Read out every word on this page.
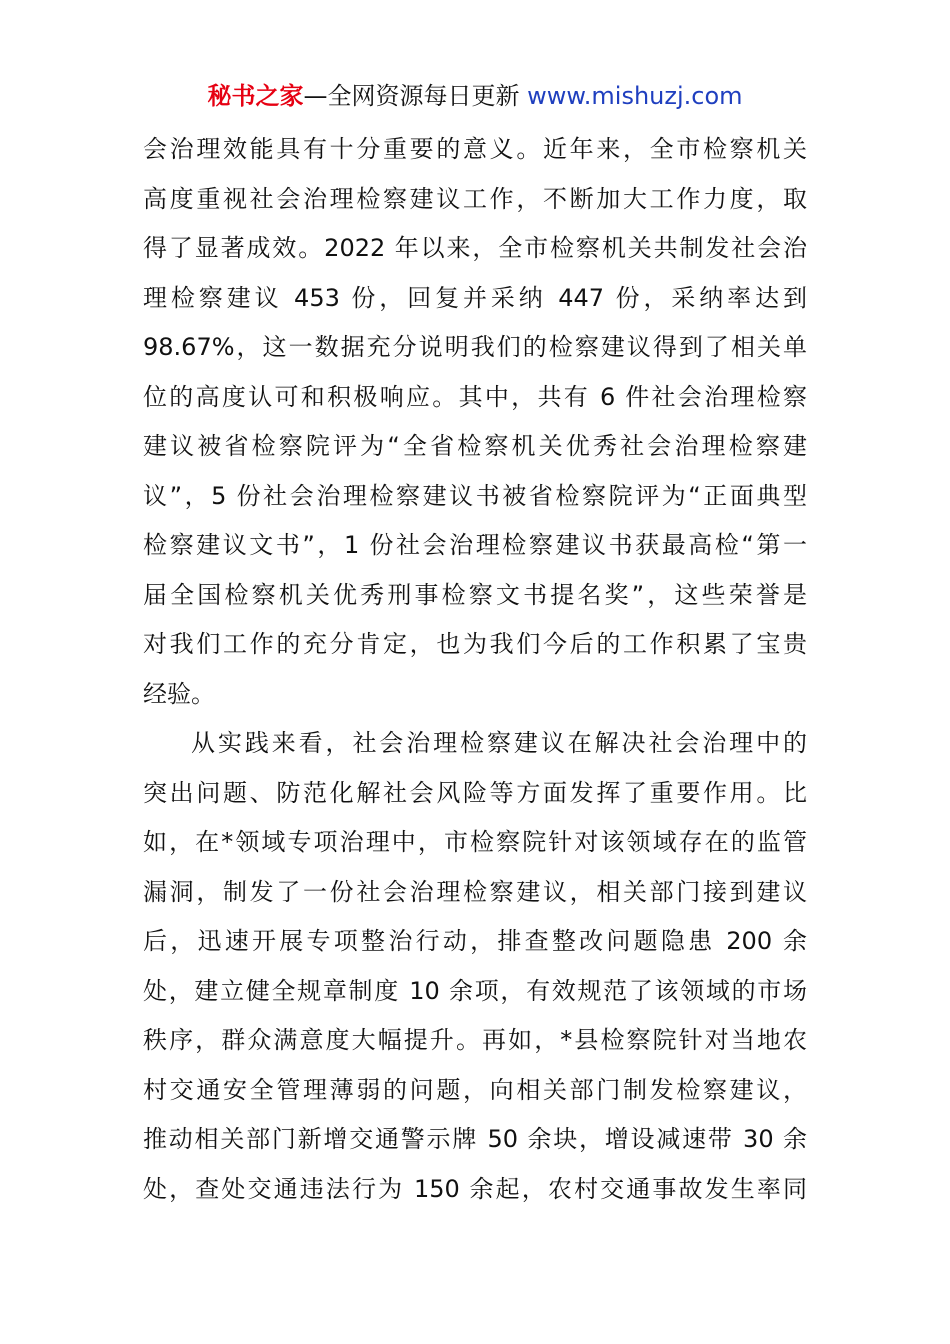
秘书之家—全网资源每日更新 www.mishuzj.com
会治理效能具有十分重要的意义。近年来，全市检察机关
高度重视社会治理检察建议工作，不断加大工作力度，取
得了显著成效。2022 年以来，全市检察机关共制发社会治
理检察建议 453 份，回复并采纳 447 份，采纳率达到
98.67%，这一数据充分说明我们的检察建议得到了相关单
位的高度认可和积极响应。其中，共有 6 件社会治理检察
建议被省检察院评为“全省检察机关优秀社会治理检察建
议”，5 份社会治理检察建议书被省检察院评为“正面典型
检察建议文书”，1 份社会治理检察建议书获最高检“第一
届全国检察机关优秀刑事检察文书提名奖”，这些荣誉是
对我们工作的充分肯定，也为我们今后的工作积累了宝贵
经验。
从实践来看，社会治理检察建议在解决社会治理中的
突出问题、防范化解社会风险等方面发挥了重要作用。比
如，在*领域专项治理中，市检察院针对该领域存在的监管
漏洞，制发了一份社会治理检察建议，相关部门接到建议
后，迅速开展专项整治行动，排查整改问题隐患 200 余
处，建立健全规章制度 10 余项，有效规范了该领域的市场
秩序，群众满意度大幅提升。再如，*县检察院针对当地农
村交通安全管理薄弱的问题，向相关部门制发检察建议，
推动相关部门新增交通警示牌 50 余块，增设减速带 30 余
处，查处交通违法行为 150 余起，农村交通事故发生率同
